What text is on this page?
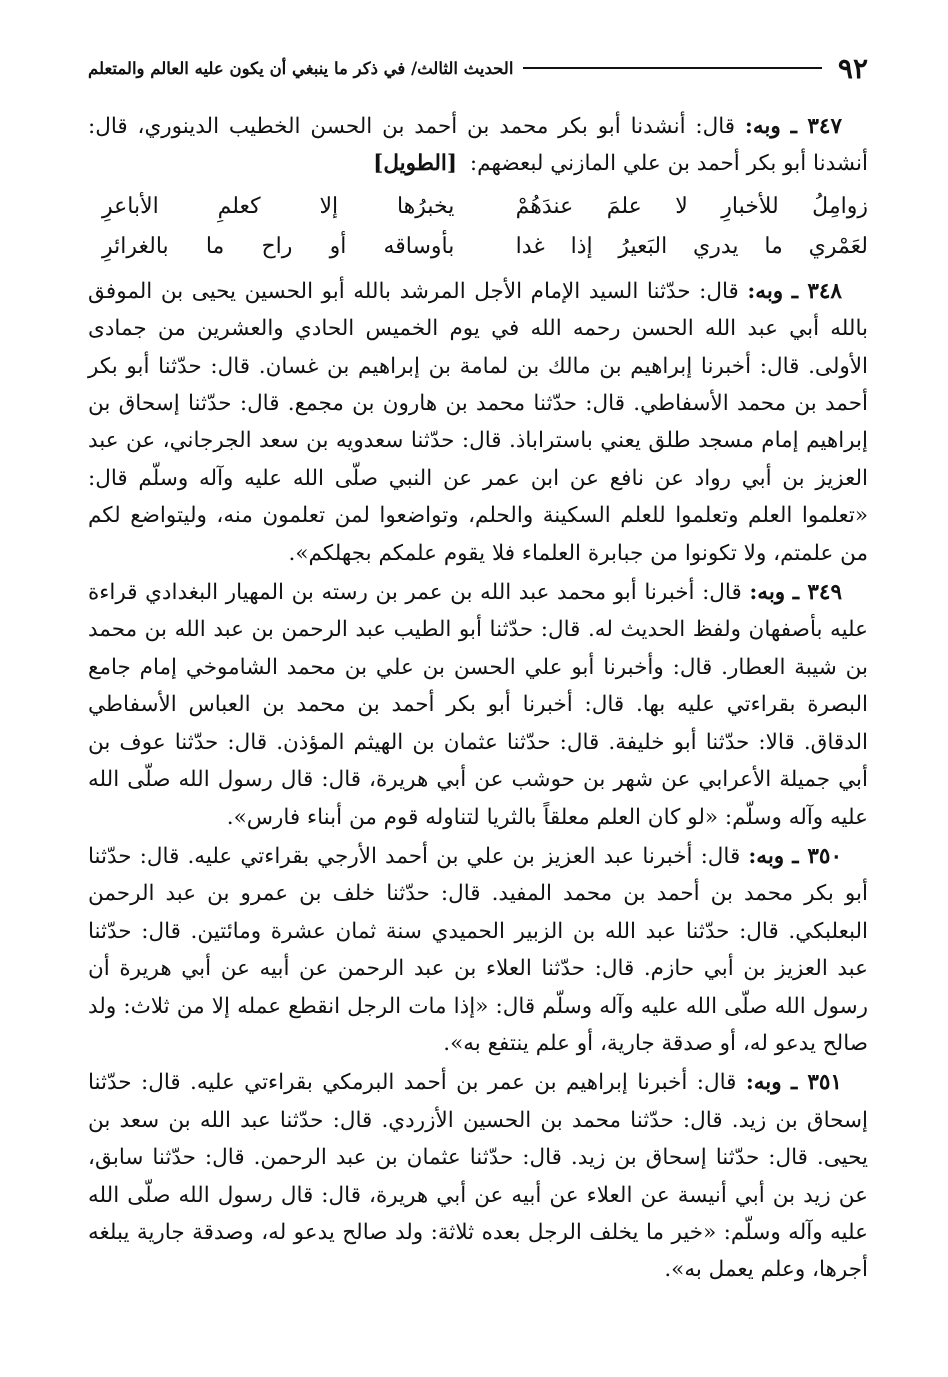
٩٢
الحديث الثالث/ في ذكر ما ينبغي أن يكون عليه العالم والمتعلم

٣٤٧ ـ وبه: قال: أنشدنا أبو بكر محمد بن أحمد بن الحسن الخطيب الدينوري، قال: أنشدنا أبو بكر أحمد بن علي المازني لبعضهم: [الطويل]

زوامِلُ للأخبارِ لا علمَ عندَهُمْ
يخبرُها إلا كعلمِ الأباعرِ
لعَمْري ما يدري البَعيرُ إذا غدا
بأوساقه أو راح ما بالغرائرِ

٣٤٨ ـ وبه: قال: حدّثنا السيد الإمام الأجل المرشد بالله أبو الحسين يحيى بن الموفق بالله أبي عبد الله الحسن رحمه الله في يوم الخميس الحادي والعشرين من جمادى الأولى. قال: أخبرنا إبراهيم بن مالك بن لمامة بن إبراهيم بن غسان. قال: حدّثنا أبو بكر أحمد بن محمد الأسفاطي. قال: حدّثنا محمد بن هارون بن مجمع. قال: حدّثنا إسحاق بن إبراهيم إمام مسجد طلق يعني باستراباذ. قال: حدّثنا سعدويه بن سعد الجرجاني، عن عبد العزيز بن أبي رواد عن نافع عن ابن عمر عن النبي صلّى الله عليه وآله وسلّم قال: «تعلموا العلم وتعلموا للعلم السكينة والحلم، وتواضعوا لمن تعلمون منه، وليتواضع لكم من علمتم، ولا تكونوا من جبابرة العلماء فلا يقوم علمكم بجهلكم».

٣٤٩ ـ وبه: قال: أخبرنا أبو محمد عبد الله بن عمر بن رسته بن المهيار البغدادي قراءة عليه بأصفهان ولفظ الحديث له. قال: حدّثنا أبو الطيب عبد الرحمن بن عبد الله بن محمد بن شيبة العطار. قال: وأخبرنا أبو علي الحسن بن علي بن محمد الشاموخي إمام جامع البصرة بقراءتي عليه بها. قال: أخبرنا أبو بكر أحمد بن محمد بن العباس الأسفاطي الدقاق. قالا: حدّثنا أبو خليفة. قال: حدّثنا عثمان بن الهيثم المؤذن. قال: حدّثنا عوف بن أبي جميلة الأعرابي عن شهر بن حوشب عن أبي هريرة، قال: قال رسول الله صلّى الله عليه وآله وسلّم: «لو كان العلم معلقاً بالثريا لتناوله قوم من أبناء فارس».

٣٥٠ ـ وبه: قال: أخبرنا عبد العزيز بن علي بن أحمد الأرجي بقراءتي عليه. قال: حدّثنا أبو بكر محمد بن أحمد بن محمد المفيد. قال: حدّثنا خلف بن عمرو بن عبد الرحمن البعلبكي. قال: حدّثنا عبد الله بن الزبير الحميدي سنة ثمان عشرة ومائتين. قال: حدّثنا عبد العزيز بن أبي حازم. قال: حدّثنا العلاء بن عبد الرحمن عن أبيه عن أبي هريرة أن رسول الله صلّى الله عليه وآله وسلّم قال: «إذا مات الرجل انقطع عمله إلا من ثلاث: ولد صالح يدعو له، أو صدقة جارية، أو علم ينتفع به».

٣٥١ ـ وبه: قال: أخبرنا إبراهيم بن عمر بن أحمد البرمكي بقراءتي عليه. قال: حدّثنا إسحاق بن زيد. قال: حدّثنا محمد بن الحسين الأزردي. قال: حدّثنا عبد الله بن سعد بن يحيى. قال: حدّثنا إسحاق بن زيد. قال: حدّثنا عثمان بن عبد الرحمن. قال: حدّثنا سابق، عن زيد بن أبي أنيسة عن العلاء عن أبيه عن أبي هريرة، قال: قال رسول الله صلّى الله عليه وآله وسلّم: «خير ما يخلف الرجل بعده ثلاثة: ولد صالح يدعو له، وصدقة جارية يبلغه أجرها، وعلم يعمل به».
